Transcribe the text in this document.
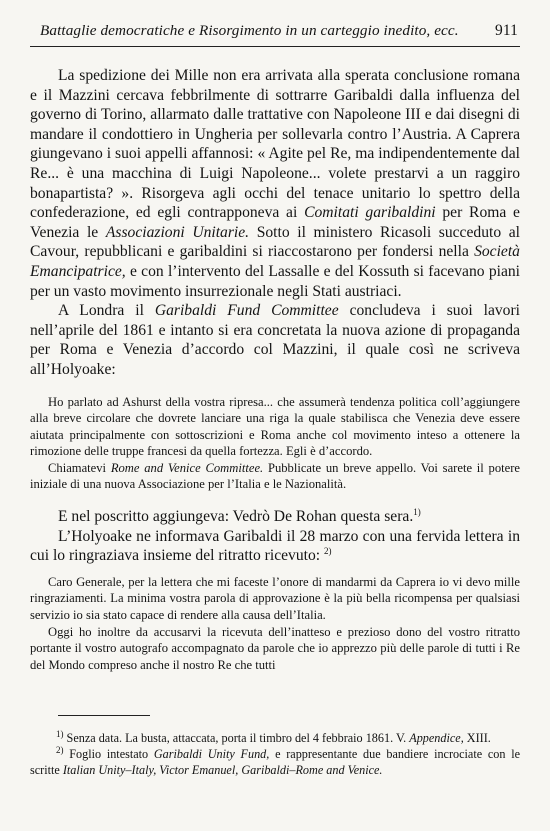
Battaglie democratiche e Risorgimento in un carteggio inedito, ecc. 911

La spedizione dei Mille non era arrivata alla sperata conclusione romana e il Mazzini cercava febbrilmente di sottrarre Garibaldi dalla influenza del governo di Torino, allarmato dalle trattative con Napoleone III e dai disegni di mandare il condottiero in Ungheria per sollevarla contro l’Austria. A Caprera giungevano i suoi appelli affannosi: « Agite pel Re, ma indipendentemente dal Re... è una macchina di Luigi Napoleone... volete prestarvi a un raggiro bonapartista? ». Risorgeva agli occhi del tenace unitario lo spettro della confederazione, ed egli contrapponeva ai Comitati garibaldini per Roma e Venezia le Associazioni Unitarie. Sotto il ministero Ricasoli succeduto al Cavour, repubblicani e garibaldini si riaccostarono per fondersi nella Società Emancipatrice, e con l’intervento del Lassalle e del Kossuth si facevano piani per un vasto movimento insurrezionale negli Stati austriaci.

A Londra il Garibaldi Fund Committee concludeva i suoi lavori nell’aprile del 1861 e intanto si era concretata la nuova azione di propaganda per Roma e Venezia d’accordo col Mazzini, il quale così ne scriveva all’Holyoake:

Ho parlato ad Ashurst della vostra ripresa... che assumerà tendenza politica coll’aggiungere alla breve circolare che dovrete lanciare una riga la quale stabilisca che Venezia deve essere aiutata principalmente con sottoscrizioni e Roma anche col movimento inteso a ottenere la rimozione delle truppe francesi da quella fortezza. Egli è d’accordo.

Chiamatevi Rome and Venice Committee. Pubblicate un breve appello. Voi sarete il potere iniziale di una nuova Associazione per l’Italia e le Nazionalità.

E nel poscritto aggiungeva: Vedrò De Rohan questa sera.$^{1)}$

L’Holyoake ne informava Garibaldi il 28 marzo con una fervida lettera in cui lo ringraziava insieme del ritratto ricevuto: $^{2)}$

Caro Generale, per la lettera che mi faceste l’onore di mandarmi da Caprera io vi devo mille ringraziamenti. La minima vostra parola di approvazione è la più bella ricompensa per qualsiasi servizio io sia stato capace di rendere alla causa dell’Italia.

Oggi ho inoltre da accusarvi la ricevuta dell’inatteso e prezioso dono del vostro ritratto portante il vostro autografo accompagnato da parole che io apprezzo più delle parole di tutti i Re del Mondo compreso anche il nostro Re che tutti

$^{1)}$ Senza data. La busta, attaccata, porta il timbro del 4 febbraio 1861. V. Appendice, XIII.

$^{2)}$ Foglio intestato Garibaldi Unity Fund, e rappresentante due bandiere incrociate con le scritte Italian Unity–Italy, Victor Emanuel, Garibaldi–Rome and Venice.
